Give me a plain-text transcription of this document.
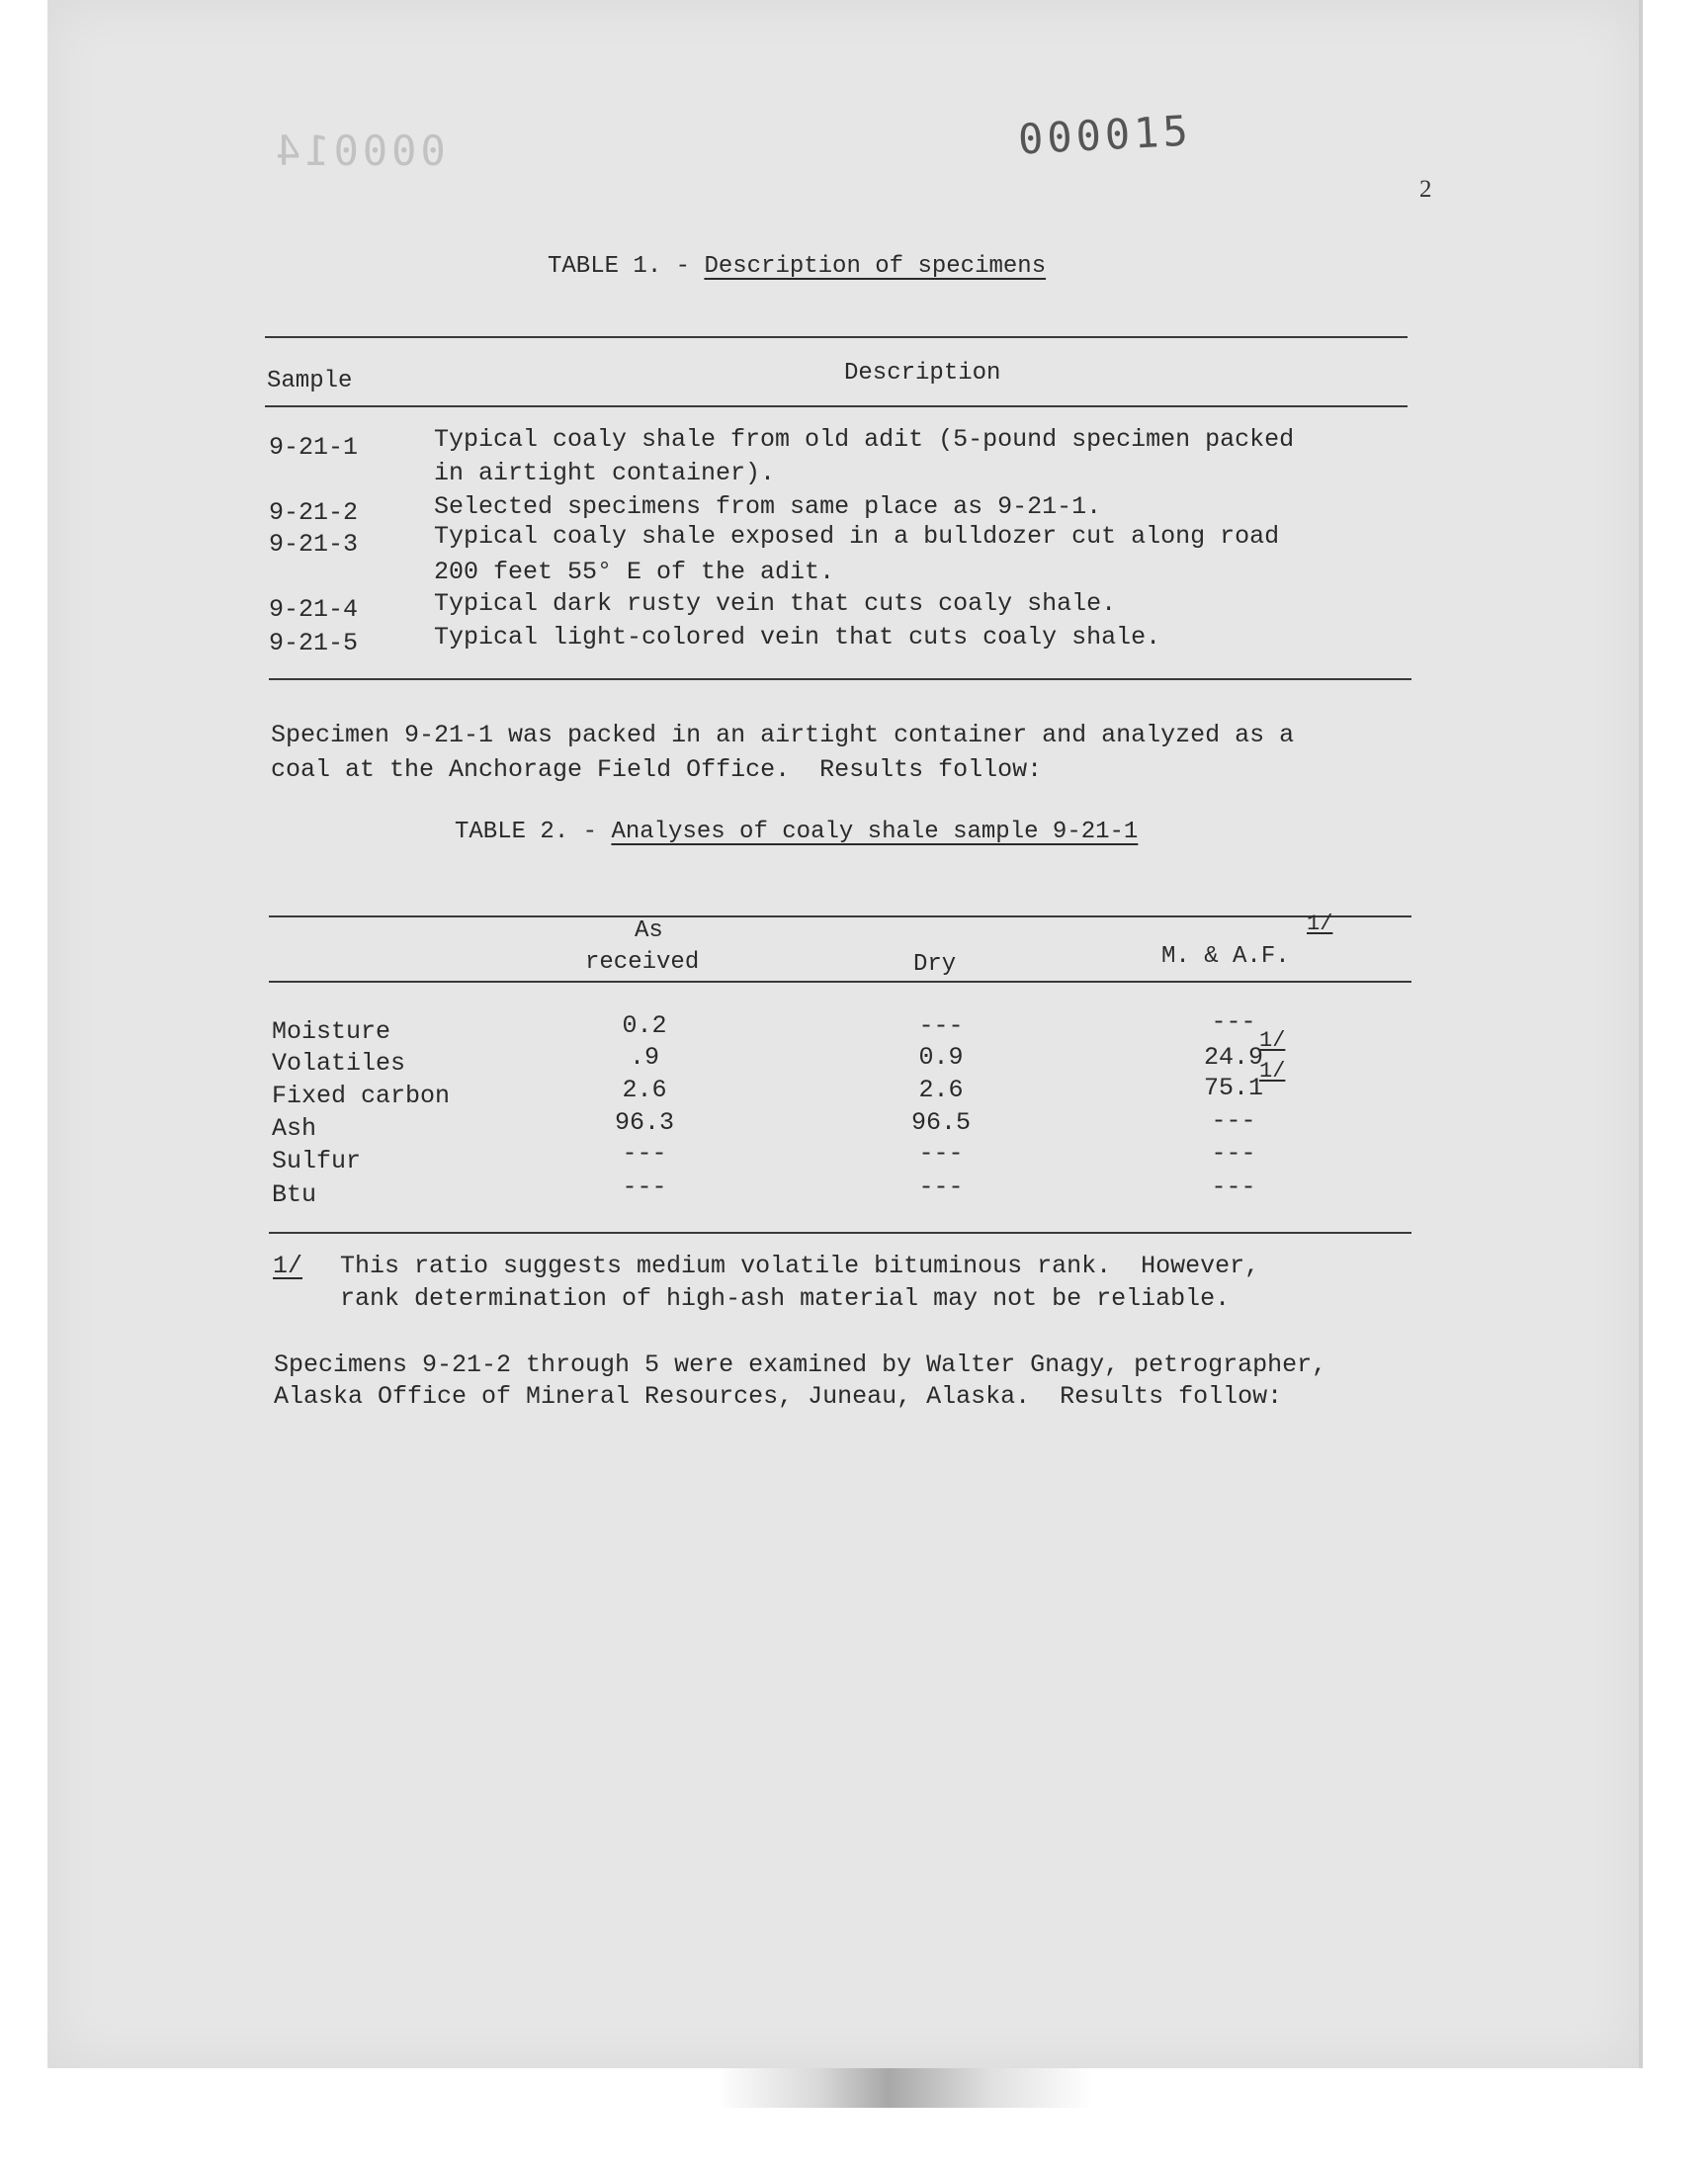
000014	000015
2
TABLE 1. - Description of specimens
Sample	Description
9-21-1	Typical coaly shale from old adit (5-pound specimen packed
in airtight container).
9-21-2	Selected specimens from same place as 9-21-1.
9-21-3	Typical coaly shale exposed in a bulldozer cut along road
200 feet 55° E of the adit.
9-21-4	Typical dark rusty vein that cuts coaly shale.
9-21-5	Typical light-colored vein that cuts coaly shale.
Specimen 9-21-1 was packed in an airtight container and analyzed as a
coal at the Anchorage Field Office.  Results follow:
TABLE 2. - Analyses of coaly shale sample 9-21-1
As
received	Dry	M. & A.F.
1/
Moisture	0.2	---	---
Volatiles	.9	0.9	24.9
1/
Fixed carbon	2.6	2.6	75.1
1/
Ash	96.3	96.5	---
Sulfur	---	---	---
Btu	---	---	---
1/ This ratio suggests medium volatile bituminous rank.  However,
rank determination of high-ash material may not be reliable.
Specimens 9-21-2 through 5 were examined by Walter Gnagy, petrographer,
Alaska Office of Mineral Resources, Juneau, Alaska.  Results follow:
